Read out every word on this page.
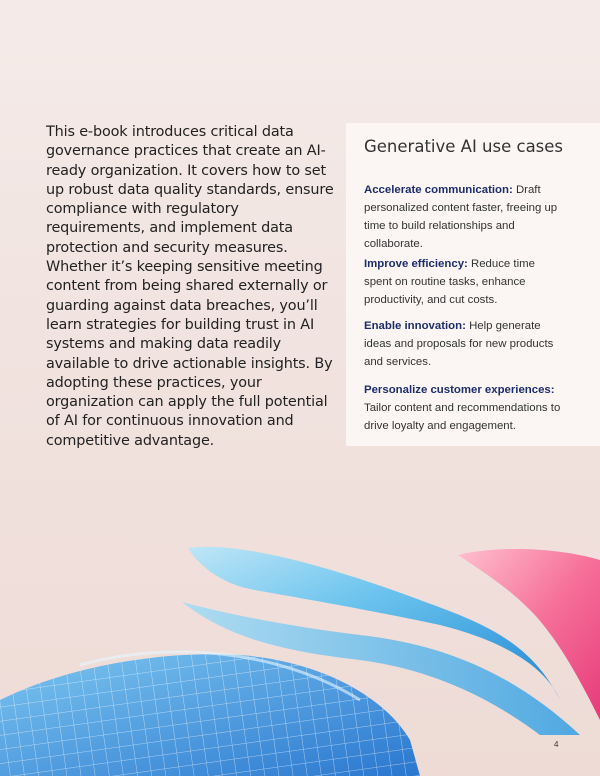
This e-book introduces critical data governance practices that create an AI-ready organization. It covers how to set up robust data quality standards, ensure compliance with regulatory requirements, and implement data protection and security measures. Whether it’s keeping sensitive meeting content from being shared externally or guarding against data breaches, you’ll learn strategies for building trust in AI systems and making data readily available to drive actionable insights. By adopting these practices, your organization can apply the full potential of AI for continuous innovation and competitive advantage.
Generative AI use cases
Accelerate communication: Draft personalized content faster, freeing up time to build relationships and collaborate.
Improve efficiency: Reduce time spent on routine tasks, enhance productivity, and cut costs.
Enable innovation: Help generate ideas and proposals for new products and services.
Personalize customer experiences: Tailor content and recommendations to drive loyalty and engagement.
4
